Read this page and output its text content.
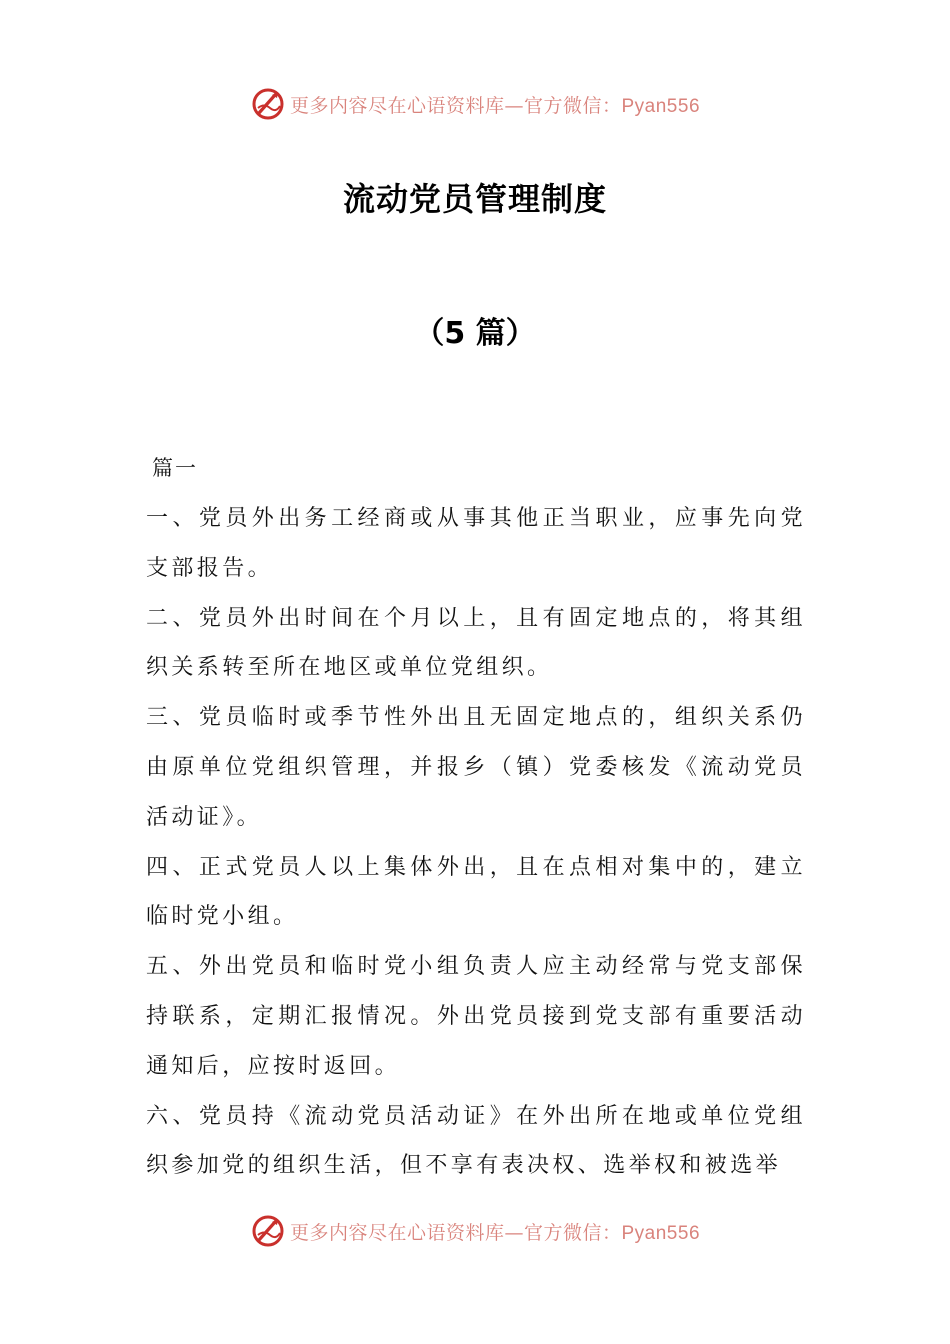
更多内容尽在心语资料库—官方微信：Pyan556
流动党员管理制度
（5 篇）
篇一

一、党员外出务工经商或从事其他正当职业，应事先向党支部报告。

二、党员外出时间在个月以上，且有固定地点的，将其组织关系转至所在地区或单位党组织。

三、党员临时或季节性外出且无固定地点的，组织关系仍由原单位党组织管理，并报乡（镇）党委核发《流动党员活动证》。

四、正式党员人以上集体外出，且在点相对集中的，建立临时党小组。

五、外出党员和临时党小组负责人应主动经常与党支部保持联系，定期汇报情况。外出党员接到党支部有重要活动通知后，应按时返回。

六、党员持《流动党员活动证》在外出所在地或单位党组织参加党的组织生活，但不享有表决权、选举权和被选举

更多内容尽在心语资料库—官方微信：Pyan556
